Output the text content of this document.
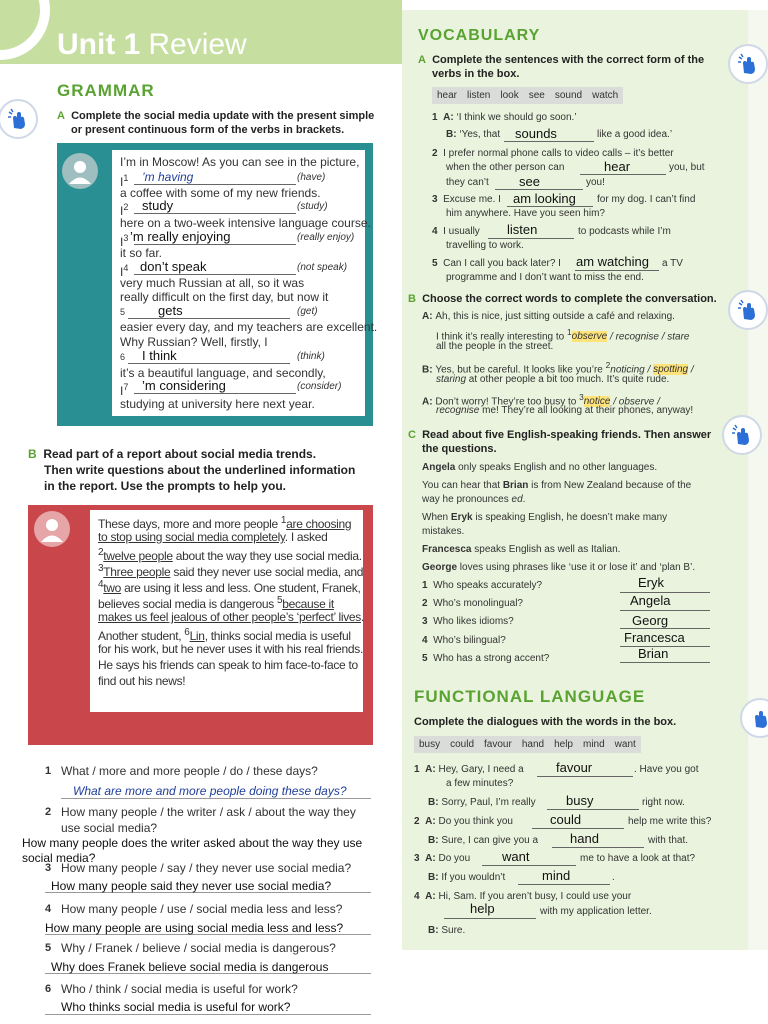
Unit 1 Review
GRAMMAR
A Complete the social media update with the present simple
or present continuous form of the verbs in brackets.
I’m in Moscow! As you can see in the picture,
$I^1$ ’m having	(have)
a coffee with some of my new friends.
$I^2$ study	(study)
here on a two-week intensive language course.
$I^3$ ’m really enjoying	(really enjoy)
it so far.
$I^4$ don’t speak	(not speak)
very much Russian at all, so it was
really difficult on the first day, but now it
$^5$	gets	(get)
easier every day, and my teachers are excellent.
Why Russian? Well, firstly, I
$^6$ I think	(think)
it’s a beautiful language, and secondly,
$I^7$ ’m considering	(consider)
studying at university here next year.
B Read part of a report about social media trends.
Then write questions about the underlined information
in the report. Use the prompts to help you.
These days, more and more people $^1$are choosing
to stop using social media completely. I asked
$^2$twelve people about the way they use social media.
$^3$Three people said they never use social media, and
$^4$two are using it less and less. One student, Franek,
believes social media is dangerous $^5$because it
makes us feel jealous of other people’s ‘perfect’ lives.
Another student, $^6$Lin, thinks social media is useful
for his work, but he never uses it with his real friends.
He says his friends can speak to him face-to-face to
find out his news!
1 What / more and more people / do / these days?
What are more and more people doing these days?
2 How many people / the writer / ask / about the way they
use social media?
How many people does the writer asked about the way they use
social media?
3 How many people / say / they never use social media?
How many people said they never use social media?
4 How many people / use / social media less and less?
How many people are using social media less and less?
5 Why / Franek / believe / social media is dangerous?
Why does Franek believe social media is dangerous
6 Who / think / social media is useful for work?
Who thinks social media is useful for work?
VOCABULARY
A Complete the sentences with the correct form of the
verbs in the box.
hear listen look see sound watch
1 A: ‘I think we should go soon.’
B: ‘Yes, that sounds	like a good idea.’
2 I prefer normal phone calls to video calls – it’s better
when the other person can	hear	you, but
they can’t see	you!
3 Excuse me. I am looking for my dog. I can’t find
him anywhere. Have you seen him?
4 I usually listen	to podcasts while I’m
travelling to work.
5 Can I call you back later? I am watching a TV
programme and I don’t want to miss the end.
B Choose the correct words to complete the conversation.
A: Ah, this is nice, just sitting outside a café and relaxing.
I think it’s really interesting to $^1$observe / recognise / stare
all the people in the street.
B: Yes, but be careful. It looks like you’re $^2$noticing / spotting /
staring at other people a bit too much. It’s quite rude.
A: Don’t worry! They’re too busy to $^3$notice / observe /
recognise me! They’re all looking at their phones, anyway!
C Read about five English-speaking friends. Then answer
the questions.
Angela only speaks English and no other languages.
You can hear that Brian is from New Zealand because of the
way he pronounces ed.
When Eryk is speaking English, he doesn’t make many
mistakes.
Francesca speaks English as well as Italian.
George loves using phrases like ‘use it or lose it’ and ‘plan B’.
1 Who speaks accurately?	Eryk
2 Who’s monolingual?	Angela
3 Who likes idioms?	Georg
4 Who’s bilingual?	Francesca
5 Who has a strong accent?	Brian
FUNCTIONAL LANGUAGE
Complete the dialogues with the words in the box.
busy could favour hand help mind want
1 A: Hey, Gary, I need a favour	. Have you got
a few minutes?
B: Sorry, Paul, I’m really busy	right now.
2 A: Do you think you	could	help me write this?
B: Sure, I can give you a hand	with that.
3 A: Do you want	me to have a look at that?
B: If you wouldn’t	mind	.
4 A: Hi, Sam. If you aren’t busy, I could use your
help	with my application letter.
B: Sure.
